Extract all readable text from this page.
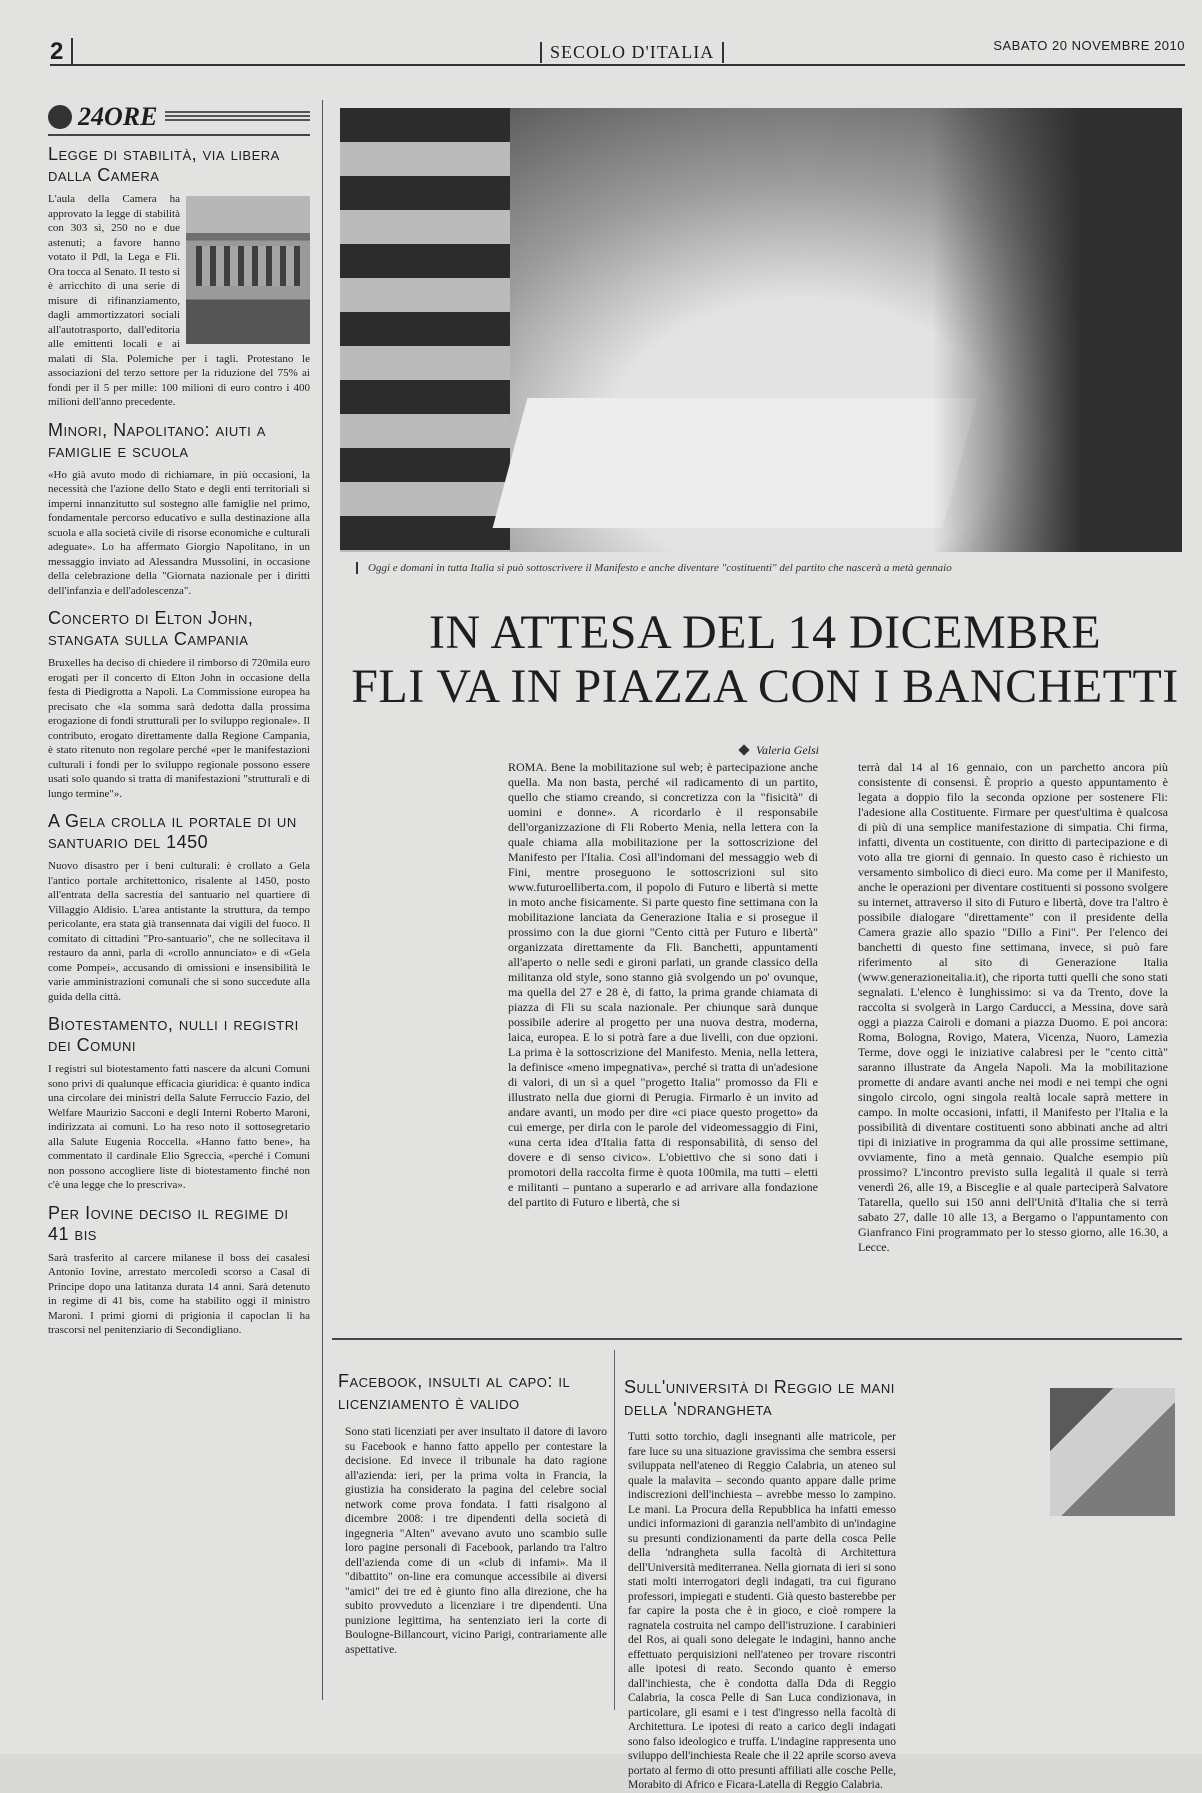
2	SECOLO D'ITALIA	SABATO 20 NOVEMBRE 2010
24ORE
Legge di stabilità, via libera dalla Camera

L'aula della Camera ha approvato la legge di stabilità con 303 sì, 250 no e due astenuti; a favore hanno votato il Pdl, la Lega e Fli. Ora tocca al Senato. Il testo si è arricchito di una serie di misure di rifinanziamento, dagli ammortizzatori sociali all'autotrasporto, dall'editoria alle emittenti locali e ai malati di Sla. Polemiche per i tagli. Protestano le associazioni del terzo settore per la riduzione del 75% ai fondi per il 5 per mille: 100 milioni di euro contro i 400 milioni dell'anno precedente.

Minori, Napolitano: aiuti a famiglie e scuola

«Ho già avuto modo di richiamare, in più occasioni, la necessità che l'azione dello Stato e degli enti territoriali si imperni innanzitutto sul sostegno alle famiglie nel primo, fondamentale percorso educativo e sulla destinazione alla scuola e alla società civile di risorse economiche e culturali adeguate». Lo ha affermato Giorgio Napolitano, in un messaggio inviato ad Alessandra Mussolini, in occasione della celebrazione della "Giornata nazionale per i diritti dell'infanzia e dell'adolescenza".

Concerto di Elton John, stangata sulla Campania

Bruxelles ha deciso di chiedere il rimborso di 720mila euro erogati per il concerto di Elton John in occasione della festa di Piedigrotta a Napoli. La Commissione europea ha precisato che «la somma sarà dedotta dalla prossima erogazione di fondi strutturali per lo sviluppo regionale». Il contributo, erogato direttamente dalla Regione Campania, è stato ritenuto non regolare perché «per le manifestazioni culturali i fondi per lo sviluppo regionale possono essere usati solo quando si tratta di manifestazioni "strutturali e di lungo termine"».

A Gela crolla il portale di un santuario del 1450

Nuovo disastro per i beni culturali: è crollato a Gela l'antico portale architettonico, risalente al 1450, posto all'entrata della sacrestia del santuario nel quartiere di Villaggio Aldisio. L'area antistante la struttura, da tempo pericolante, era stata già transennata dai vigili del fuoco. Il comitato di cittadini "Pro-santuario", che ne sollecitava il restauro da anni, parla di «crollo annunciato» e di «Gela come Pompei», accusando di omissioni e insensibilità le varie amministrazioni comunali che si sono succedute alla guida della città.

Biotestamento, nulli i registri dei Comuni

I registri sul biotestamento fatti nascere da alcuni Comuni sono privi di qualunque efficacia giuridica: è quanto indica una circolare dei ministri della Salute Ferruccio Fazio, del Welfare Maurizio Sacconi e degli Interni Roberto Maroni, indirizzata ai comuni. Lo ha reso noto il sottosegretario alla Salute Eugenia Roccella. «Hanno fatto bene», ha commentato il cardinale Elio Sgreccia, «perché i Comuni non possono accogliere liste di biotestamento finché non c'è una legge che lo prescriva».

Per Iovine deciso il regime di 41 bis

Sarà trasferito al carcere milanese il boss dei casalesi Antonio Iovine, arrestato mercoledì scorso a Casal di Principe dopo una latitanza durata 14 anni. Sarà detenuto in regime di 41 bis, come ha stabilito oggi il ministro Maroni. I primi giorni di prigionia il capoclan li ha trascorsi nel penitenziario di Secondigliano.

Oggi e domani in tutta Italia si può sottoscrivere il Manifesto e anche diventare "costituenti" del partito che nascerà a metà gennaio
IN ATTESA DEL 14 DICEMBRE
FLI VA IN PIAZZA CON I BANCHETTI
Valeria Gelsi
ROMA. Bene la mobilitazione sul web; è partecipazione anche quella. Ma non basta, perché «il radicamento di un partito, quello che stiamo creando, si concretizza con la "fisicità" di uomini e donne». A ricordarlo è il responsabile dell'organizzazione di Fli Roberto Menia, nella lettera con la quale chiama alla mobilitazione per la sottoscrizione del Manifesto per l'Italia. Così all'indomani del messaggio web di Fini, mentre proseguono le sottoscrizioni sul sito www.futuroelliberta.com, il popolo di Futuro e libertà si mette in moto anche fisicamente. Si parte questo fine settimana con la mobilitazione lanciata da Generazione Italia e si prosegue il prossimo con la due giorni "Cento città per Futuro e libertà" organizzata direttamente da Fli. Banchetti, appuntamenti all'aperto o nelle sedi e gironi parlati, un grande classico della militanza old style, sono stanno già svolgendo un po' ovunque, ma quella del 27 e 28 è, di fatto, la prima grande chiamata di piazza di Fli su scala nazionale. Per chiunque sarà dunque possibile aderire al progetto per una nuova destra, moderna, laica, europea. E lo si potrà fare a due livelli, con due opzioni. La prima è la sottoscrizione del Manifesto. Menia, nella lettera, la definisce «meno impegnativa», perché si tratta di un'adesione di valori, di un sì a quel "progetto Italia" promosso da Fli e illustrato nella due giorni di Perugia. Firmarlo è un invito ad andare avanti, un modo per dire «ci piace questo progetto» da cui emerge, per dirla con le parole del videomessaggio di Fini, «una certa idea d'Italia fatta di responsabilità, di senso del dovere e di senso civico». L'obiettivo che si sono dati i promotori della raccolta firme è quota 100mila, ma tutti – eletti e militanti – puntano a superarlo e ad arrivare alla fondazione del partito di Futuro e libertà, che si
terrà dal 14 al 16 gennaio, con un parchetto ancora più consistente di consensi. È proprio a questo appuntamento è legata a doppio filo la seconda opzione per sostenere Fli: l'adesione alla Costituente. Firmare per quest'ultima è qualcosa di più di una semplice manifestazione di simpatia. Chi firma, infatti, diventa un costituente, con diritto di partecipazione e di voto alla tre giorni di gennaio. In questo caso è richiesto un versamento simbolico di dieci euro. Ma come per il Manifesto, anche le operazioni per diventare costituenti si possono svolgere su internet, attraverso il sito di Futuro e libertà, dove tra l'altro è possibile dialogare "direttamente" con il presidente della Camera grazie allo spazio "Dillo a Fini". Per l'elenco dei banchetti di questo fine settimana, invece, si può fare riferimento al sito di Generazione Italia (www.generazioneitalia.it), che riporta tutti quelli che sono stati segnalati. L'elenco è lunghissimo: si va da Trento, dove la raccolta si svolgerà in Largo Carducci, a Messina, dove sarà oggi a piazza Cairoli e domani a piazza Duomo. E poi ancora: Roma, Bologna, Rovigo, Matera, Vicenza, Nuoro, Lamezia Terme, dove oggi le iniziative calabresi per le "cento città" saranno illustrate da Angela Napoli. Ma la mobilitazione promette di andare avanti anche nei modi e nei tempi che ogni singolo circolo, ogni singola realtà locale saprà mettere in campo. In molte occasioni, infatti, il Manifesto per l'Italia e la possibilità di diventare costituenti sono abbinati anche ad altri tipi di iniziative in programma da qui alle prossime settimane, ovviamente, fino a metà gennaio. Qualche esempio più prossimo? L'incontro previsto sulla legalità il quale si terrà venerdì 26, alle 19, a Bisceglie e al quale parteciperà Salvatore Tatarella, quello sui 150 anni dell'Unità d'Italia che si terrà sabato 27, dalle 10 alle 13, a Bergamo o l'appuntamento con Gianfranco Fini programmato per lo stesso giorno, alle 16.30, a Lecce.
Facebook, insulti al capo: il licenziamento è valido
Sono stati licenziati per aver insultato il datore di lavoro su Facebook e hanno fatto appello per contestare la decisione. Ed invece il tribunale ha dato ragione all'azienda: ieri, per la prima volta in Francia, la giustizia ha considerato la pagina del celebre social network come prova fondata. I fatti risalgono al dicembre 2008: i tre dipendenti della società di ingegneria "Alten" avevano avuto uno scambio sulle loro pagine personali di Facebook, parlando tra l'altro dell'azienda come di un «club di infami». Ma il "dibattito" on-line era comunque accessibile ai diversi "amici" dei tre ed è giunto fino alla direzione, che ha subito provveduto a licenziare i tre dipendenti. Una punizione legittima, ha sentenziato ieri la corte di Boulogne-Billancourt, vicino Parigi, contrariamente alle aspettative.
Sull'università di Reggio le mani della 'ndrangheta
Tutti sotto torchio, dagli insegnanti alle matricole, per fare luce su una situazione gravissima che sembra essersi sviluppata nell'ateneo di Reggio Calabria, un ateneo sul quale la malavita – secondo quanto appare dalle prime indiscrezioni dell'inchiesta – avrebbe messo lo zampino. Le mani. La Procura della Repubblica ha infatti emesso undici informazioni di garanzia nell'ambito di un'indagine su presunti condizionamenti da parte della cosca Pelle della 'ndrangheta sulla facoltà di Architettura dell'Università mediterranea. Nella giornata di ieri si sono stati molti interrogatori degli indagati, tra cui figurano professori, impiegati e studenti. Già questo basterebbe per far capire la posta che è in gioco, e cioè rompere la ragnatela costruita nel campo dell'istruzione. I carabinieri del Ros, ai quali sono delegate le indagini, hanno anche effettuato perquisizioni nell'ateneo per trovare riscontri alle ipotesi di reato. Secondo quanto è emerso dall'inchiesta, che è condotta dalla Dda di Reggio Calabria, la cosca Pelle di San Luca condizionava, in particolare, gli esami e i test d'ingresso nella facoltà di Architettura. Le ipotesi di reato a carico degli indagati sono falso ideologico e truffa. L'indagine rappresenta uno sviluppo dell'inchiesta Reale che il 22 aprile scorso aveva portato al fermo di otto presunti affiliati alle cosche Pelle, Morabito di Africo e Ficara-Latella di Reggio Calabria.
